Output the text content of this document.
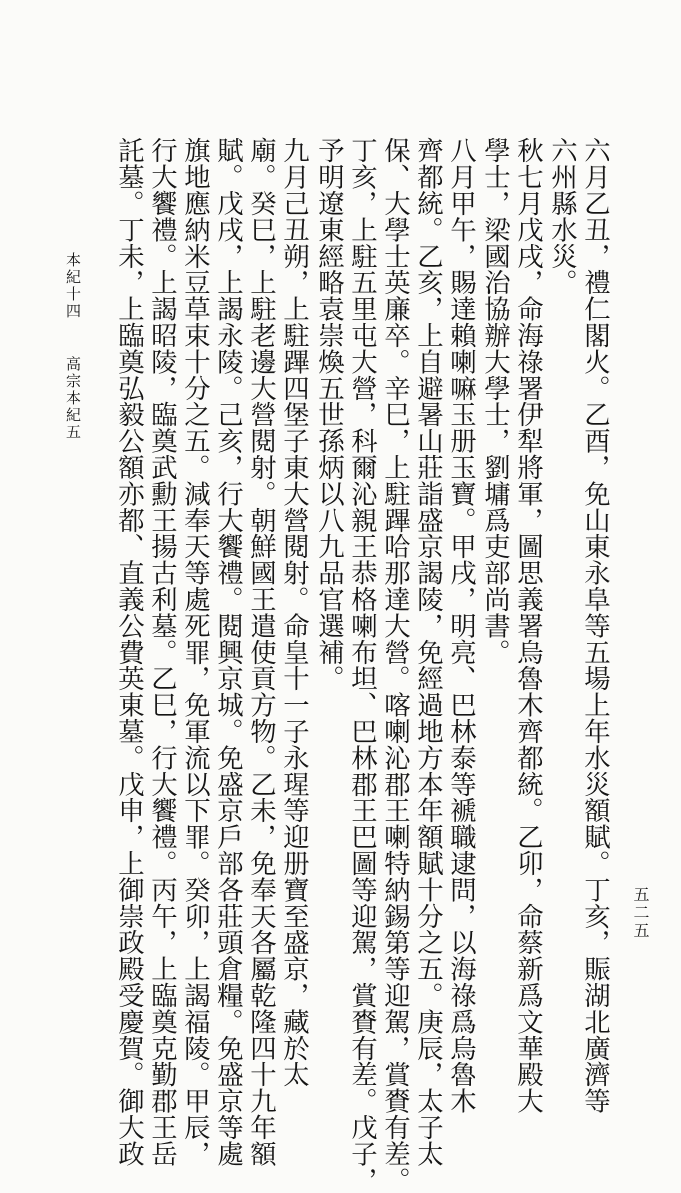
五二五
六月乙丑，禮仁閣火。乙酉，免山東永阜等五場上年水災額賦。丁亥，賑湖北廣濟等
六州縣水災。
秋七月戊戌，命海祿署伊犁將軍，圖思義署烏魯木齊都統。乙卯，命蔡新爲文華殿大
學士，梁國治協辦大學士，劉墉爲吏部尚書。
八月甲午，賜達賴喇嘛玉册玉寶。甲戌，明亮、巴林泰等褫職逮問，以海祿爲烏魯木
齊都統。乙亥，上自避暑山莊詣盛京謁陵，免經過地方本年額賦十分之五。庚辰，太子太
保、大學士英廉卒。辛巳，上駐蹕哈那達大營。喀喇沁郡王喇特納錫第等迎駕，賞賚有差。
丁亥，上駐五里屯大營，科爾沁親王恭格喇布坦、巴林郡王巴圖等迎駕，賞賚有差。戊子，
予明遼東經略袁崇煥五世孫炳以八九品官選補。
九月己丑朔，上駐蹕四堡子東大營閱射。命皇十一子永瑆等迎册寶至盛京，藏於太
廟。癸巳，上駐老邊大營閱射。朝鮮國王遣使貢方物。乙未，免奉天各屬乾隆四十九年額
賦。戊戌，上謁永陵。己亥，行大饗禮。閱興京城。免盛京戶部各莊頭倉糧。免盛京等處
旗地應納米豆草束十分之五。減奉天等處死罪，免軍流以下罪。癸卯，上謁福陵。甲辰，
行大饗禮。上謁昭陵，臨奠武勳王揚古利墓。乙巳，行大饗禮。丙午，上臨奠克勤郡王岳
託墓。丁未，上臨奠弘毅公額亦都、直義公費英東墓。戊申，上御崇政殿受慶賀。御大政
本紀十四
高宗本紀五
